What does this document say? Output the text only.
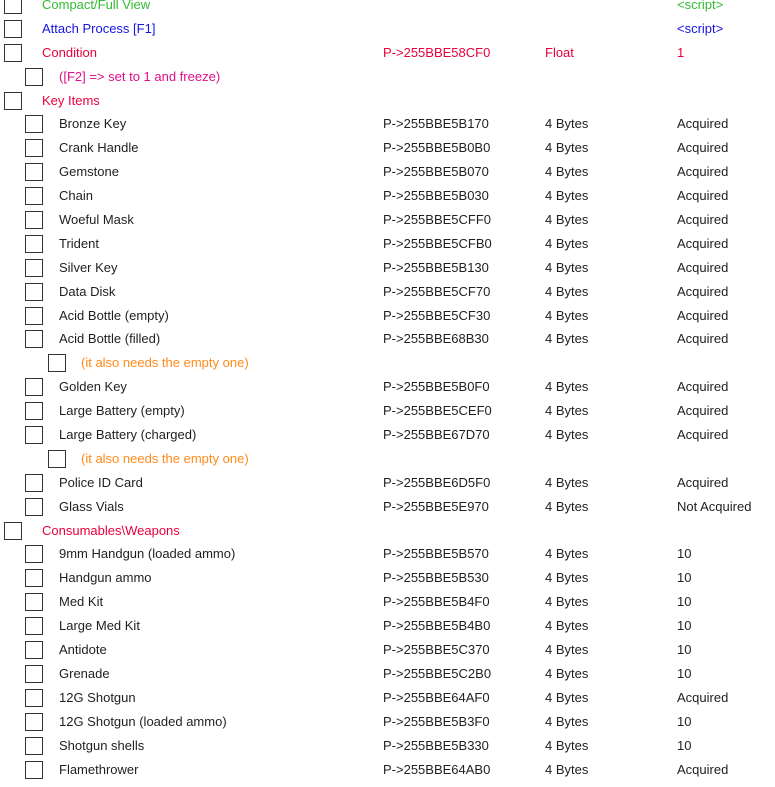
Compact/Full View	<script>
Attach Process [F1]	<script>
Condition	P->255BBE58CF0	Float	1
([F2] => set to 1 and freeze)
Key Items
Bronze Key	P->255BBE5B170	4 Bytes	Acquired
Crank Handle	P->255BBE5B0B0	4 Bytes	Acquired
Gemstone	P->255BBE5B070	4 Bytes	Acquired
Chain	P->255BBE5B030	4 Bytes	Acquired
Woeful Mask	P->255BBE5CFF0	4 Bytes	Acquired
Trident	P->255BBE5CFB0	4 Bytes	Acquired
Silver Key	P->255BBE5B130	4 Bytes	Acquired
Data Disk	P->255BBE5CF70	4 Bytes	Acquired
Acid Bottle (empty)	P->255BBE5CF30	4 Bytes	Acquired
Acid Bottle (filled)	P->255BBE68B30	4 Bytes	Acquired
(it also needs the empty one)
Golden Key	P->255BBE5B0F0	4 Bytes	Acquired
Large Battery (empty)	P->255BBE5CEF0	4 Bytes	Acquired
Large Battery (charged)	P->255BBE67D70	4 Bytes	Acquired
(it also needs the empty one)
Police ID Card	P->255BBE6D5F0	4 Bytes	Acquired
Glass Vials	P->255BBE5E970	4 Bytes	Not Acquired
Consumables\Weapons
9mm Handgun (loaded ammo)	P->255BBE5B570	4 Bytes	10
Handgun ammo	P->255BBE5B530	4 Bytes	10
Med Kit	P->255BBE5B4F0	4 Bytes	10
Large Med Kit	P->255BBE5B4B0	4 Bytes	10
Antidote	P->255BBE5C370	4 Bytes	10
Grenade	P->255BBE5C2B0	4 Bytes	10
12G Shotgun	P->255BBE64AF0	4 Bytes	Acquired
12G Shotgun (loaded ammo)	P->255BBE5B3F0	4 Bytes	10
Shotgun shells	P->255BBE5B330	4 Bytes	10
Flamethrower	P->255BBE64AB0	4 Bytes	Acquired
